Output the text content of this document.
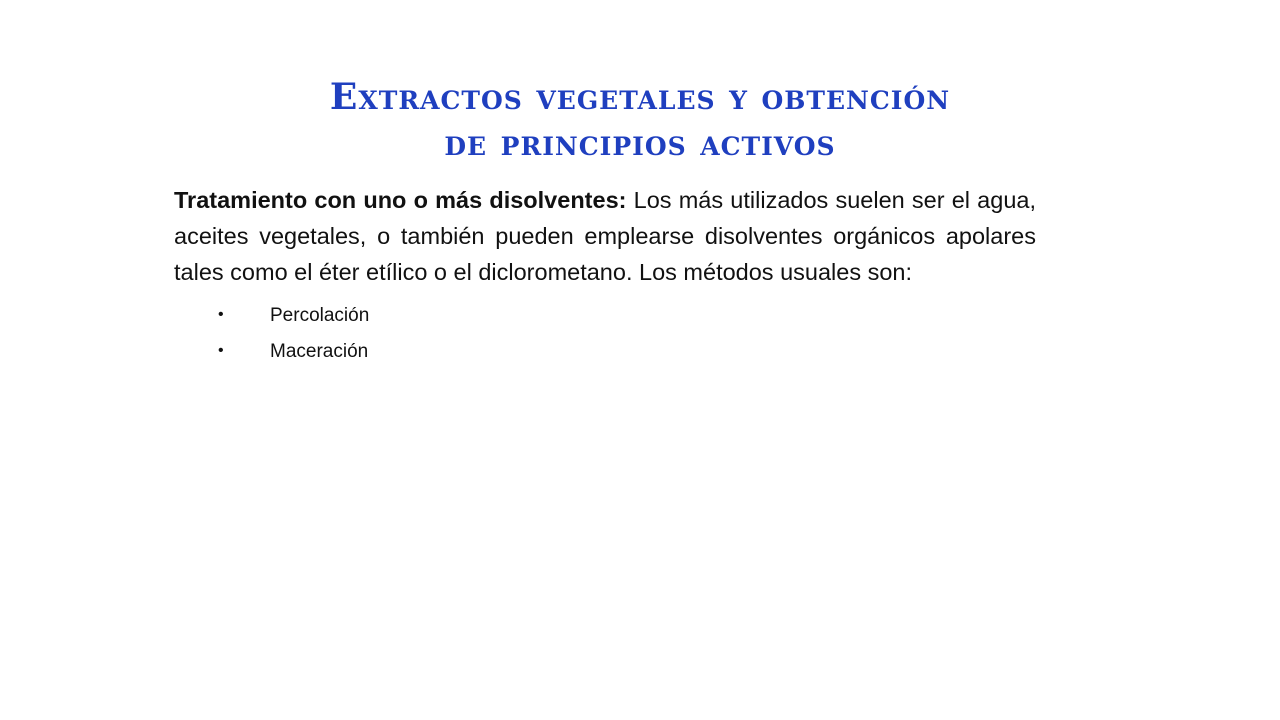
Extractos vegetales y obtención
de principios activos

Tratamiento con uno o más disolventes: Los más utilizados suelen ser el agua, aceites vegetales, o también pueden emplearse disolventes orgánicos apolares tales como el éter etílico o el diclorometano. Los métodos usuales son:

• Percolación
• Maceración
